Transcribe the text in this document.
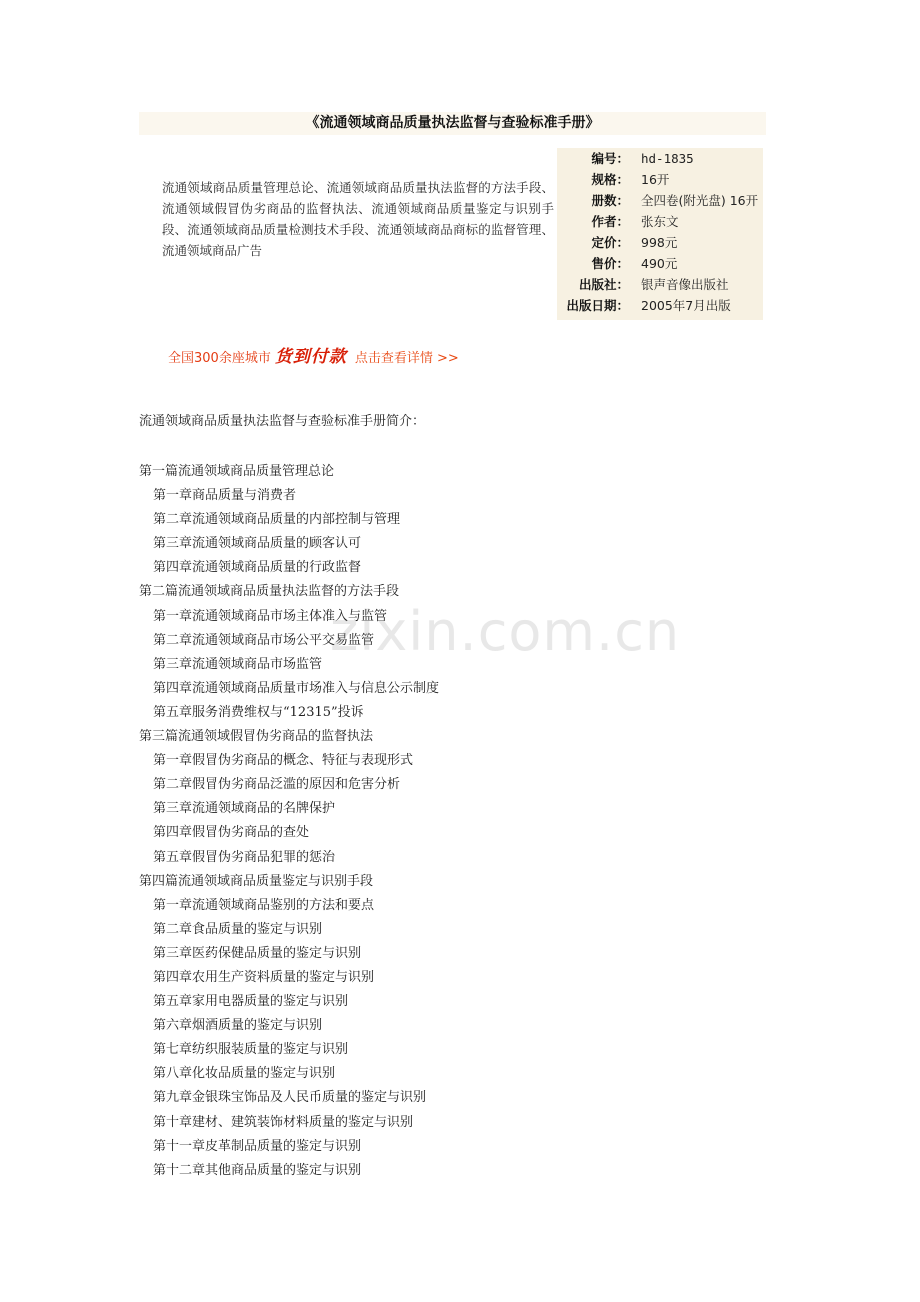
《流通领域商品质量执法监督与查验标准手册》
流通领域商品质量管理总论、流通领域商品质量执法监督的方法手段、流通领域假冒伪劣商品的监督执法、流通领域商品质量鉴定与识别手段、流通领域商品质量检测技术手段、流通领域商品商标的监督管理、流通领域商品广告
编号： hd-1835
规格： 16开
册数： 全四卷(附光盘) 16开
作者： 张东文
定价： 998元
售价： 490元
出版社： 银声音像出版社
出版日期： 2005年7月出版
全国300余座城市 货到付款 点击查看详情 >>
流通领域商品质量执法监督与查验标准手册简介：
第一篇流通领域商品质量管理总论
第一章商品质量与消费者
第二章流通领域商品质量的内部控制与管理
第三章流通领域商品质量的顾客认可
第四章流通领域商品质量的行政监督
第二篇流通领域商品质量执法监督的方法手段
第一章流通领域商品市场主体准入与监管
第二章流通领域商品市场公平交易监管
第三章流通领域商品市场监管
第四章流通领域商品质量市场准入与信息公示制度
第五章服务消费维权与“12315”投诉
第三篇流通领域假冒伪劣商品的监督执法
第一章假冒伪劣商品的概念、特征与表现形式
第二章假冒伪劣商品泛滥的原因和危害分析
第三章流通领域商品的名牌保护
第四章假冒伪劣商品的查处
第五章假冒伪劣商品犯罪的惩治
第四篇流通领域商品质量鉴定与识别手段
第一章流通领域商品鉴别的方法和要点
第二章食品质量的鉴定与识别
第三章医药保健品质量的鉴定与识别
第四章农用生产资料质量的鉴定与识别
第五章家用电器质量的鉴定与识别
第六章烟酒质量的鉴定与识别
第七章纺织服装质量的鉴定与识别
第八章化妆品质量的鉴定与识别
第九章金银珠宝饰品及人民币质量的鉴定与识别
第十章建材、建筑装饰材料质量的鉴定与识别
第十一章皮革制品质量的鉴定与识别
第十二章其他商品质量的鉴定与识别
zixin.com.cn
